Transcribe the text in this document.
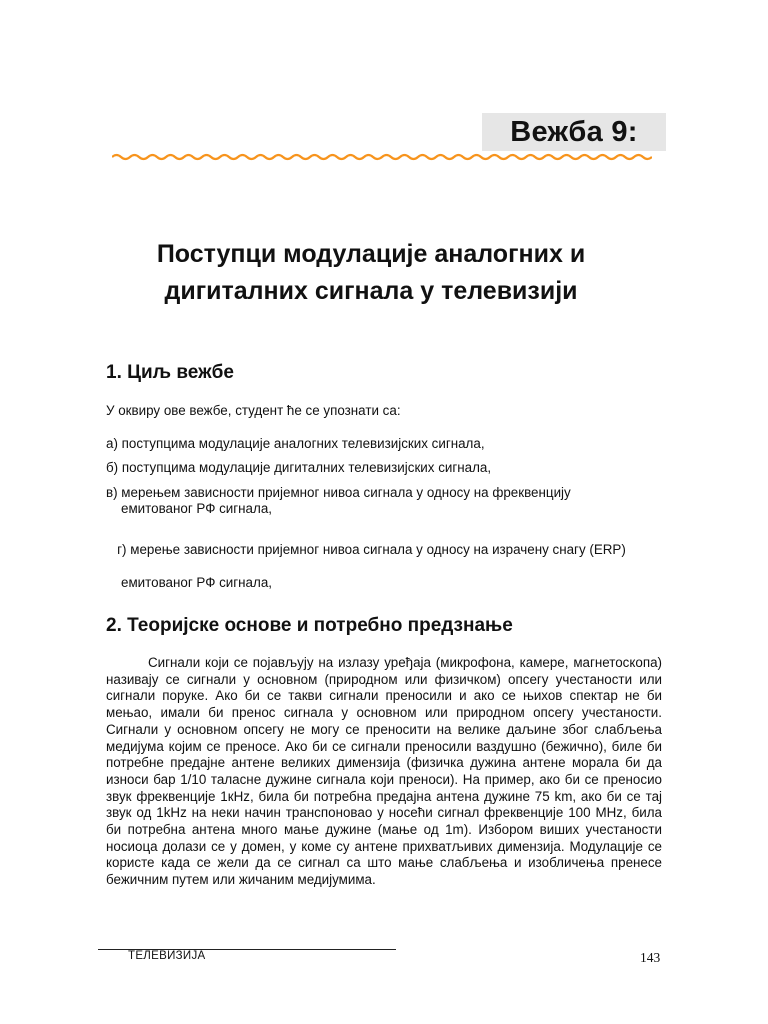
Вежба 9:
Поступци модулације аналогних и
дигиталних сигнала у телевизији
1. Циљ вежбе
У оквиру ове вежбе, студент ће се упознати са:
а) поступцима модулације аналогних телевизијских сигнала,
б) поступцима модулације дигиталних телевизијских сигнала,
в) мерењем зависности пријемног нивоа сигнала у односу на фреквенцију
емитованог РФ сигнала,

г) мерење зависности пријемног нивоа сигнала у односу на израчену снагу (ERP)

емитованог РФ сигнала,

2. Теоријске основе и потребно предзнање
Сигнали који се појављују на излазу уређаја (микрофона, камере, магнетоскопа) називају се сигнали у основном (природном или физичком) опсегу учестаности или сигнали поруке. Ако би се такви сигнали преносили и ако се њихов спектар не би мењао, имали би пренос сигнала у основном или природном опсегу учестаности. Сигнали у основном опсегу не могу се преносити на велике даљине због слабљења медијума којим се преносе. Ако би се сигнали преносили ваздушно (бежично), биле би потребне предајне антене великих димензија (физичка дужина антене морала би да износи бар 1/10 таласне дужине сигнала који преноси). На пример, ако би се преносио звук фреквенције 1кHz, била би потребна предајна антена дужине 75 km, ако би се тај звук од 1kHz на неки начин транспоновао у носећи сигнал фреквенције 100 MHz, била би потребна антена много мање дужине (мање од 1m). Избором виших учестаности носиоца долази се у домен, у коме су антене прихватљивих димензија. Модулације се користе када се жели да се сигнал са што мање слабљења и изобличења пренесе бежичним путем или жичаним медијумима.
ТЕЛЕВИЗИЈА	143
